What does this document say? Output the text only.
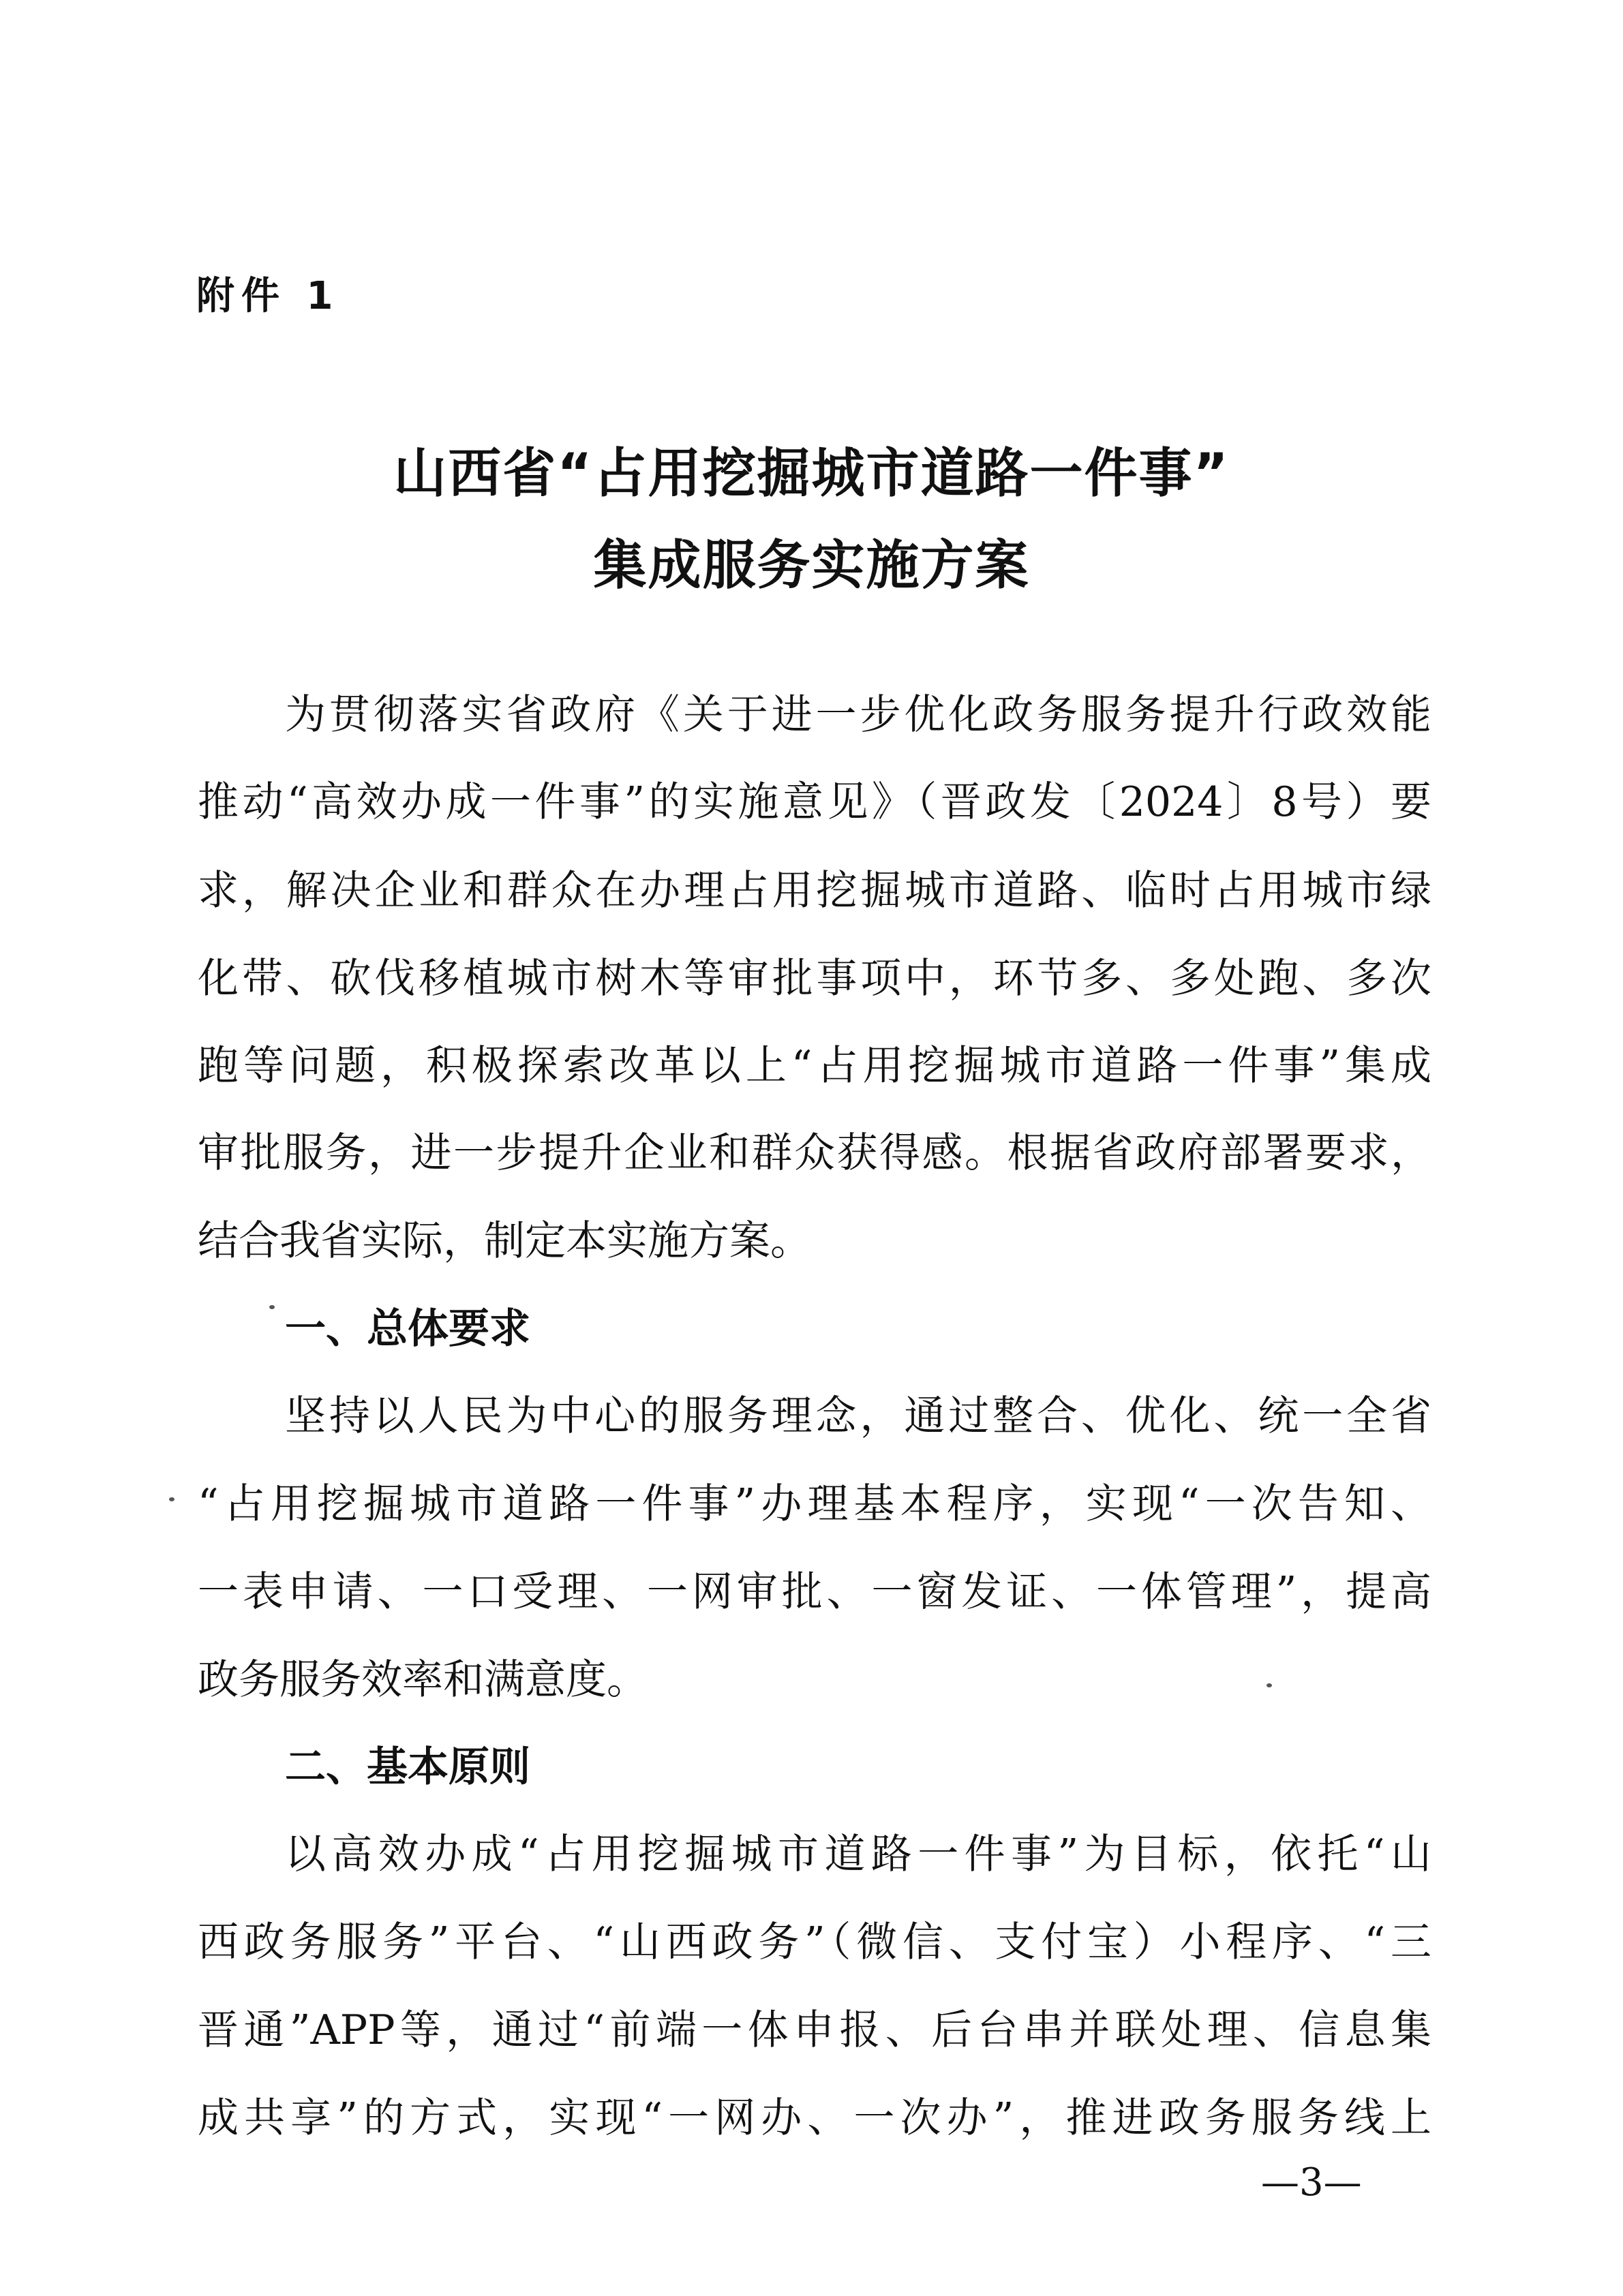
附件 1
山西省“占用挖掘城市道路一件事”
集成服务实施方案
为贯彻落实省政府《关于进一步优化政务服务提升行政效能
推动“高效办成一件事”的实施意见》（晋政发〔2024〕8号）要
求，解决企业和群众在办理占用挖掘城市道路、临时占用城市绿
化带、砍伐移植城市树木等审批事项中，环节多、多处跑、多次
跑等问题，积极探索改革以上“占用挖掘城市道路一件事”集成
审批服务，进一步提升企业和群众获得感。根据省政府部署要求，
结合我省实际，制定本实施方案。
一、总体要求
坚持以人民为中心的服务理念，通过整合、优化、统一全省
“占用挖掘城市道路一件事”办理基本程序，实现“一次告知、
一表申请、一口受理、一网审批、一窗发证、一体管理”，提高
政务服务效率和满意度。
二、基本原则
以高效办成“占用挖掘城市道路一件事”为目标，依托“山
西政务服务”平台、“山西政务”（微信、支付宝）小程序、“三
晋通”APP等，通过“前端一体申报、后台串并联处理、信息集
成共享”的方式，实现“一网办、一次办”，推进政务服务线上
—3—
